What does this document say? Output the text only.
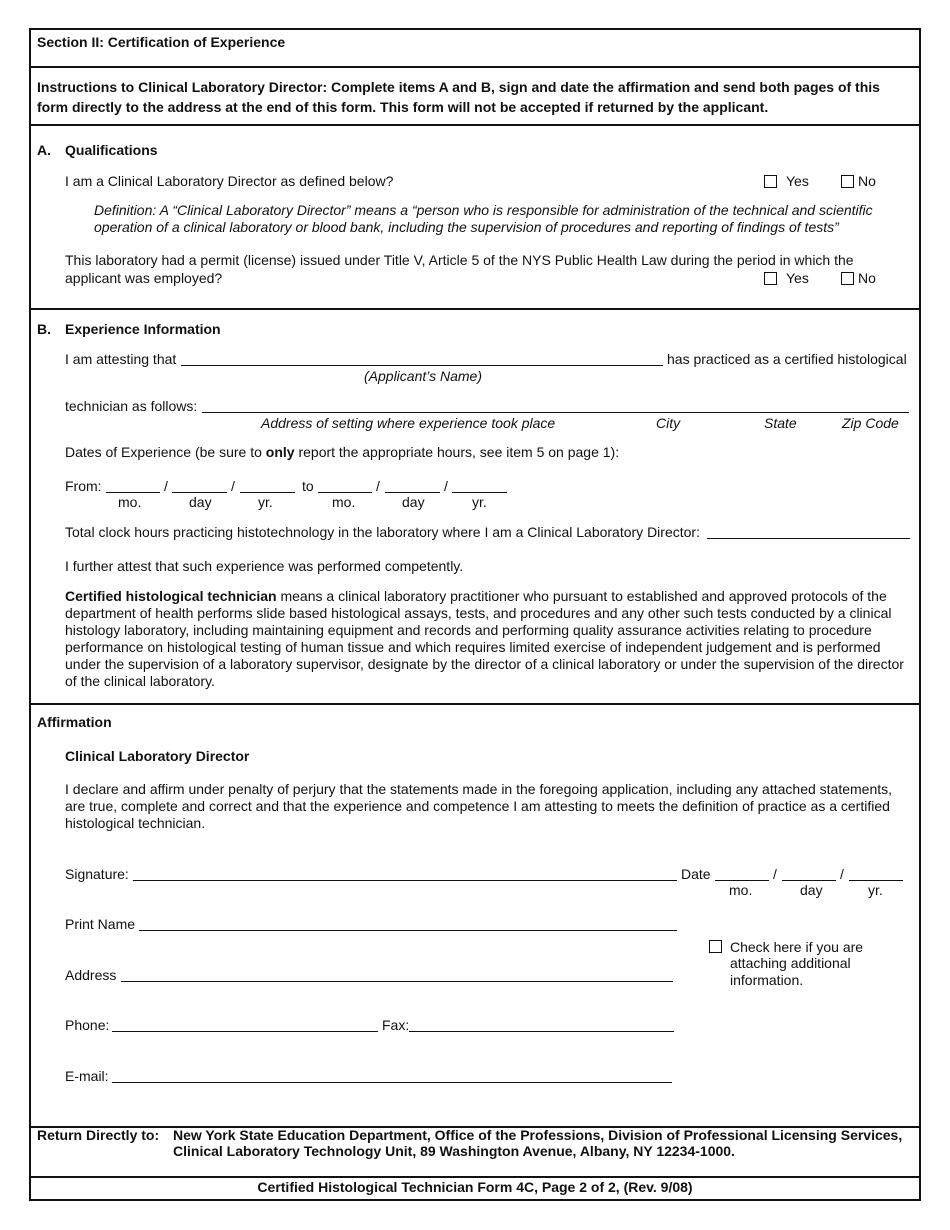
Section II: Certification of Experience
Instructions to Clinical Laboratory Director: Complete items A and B, sign and date the affirmation and send both pages of this form directly to the address at the end of this form. This form will not be accepted if returned by the applicant.
A. Qualifications
I am a Clinical Laboratory Director as defined below?	Yes	No
Definition: A “Clinical Laboratory Director” means a “person who is responsible for administration of the technical and scientific operation of a clinical laboratory or blood bank, including the supervision of procedures and reporting of findings of tests”
This laboratory had a permit (license) issued under Title V, Article 5 of the NYS Public Health Law during the period in which the
applicant was employed?	Yes	No
B. Experience Information
I am attesting that	has practiced as a certified histological
(Applicant’s Name)
technician as follows:
Address of setting where experience took place	City	State	Zip Code
Dates of Experience (be sure to only report the appropriate hours, see item 5 on page 1):
From:	/	/	to	/	/
mo.	day	yr.	mo.	day	yr.
Total clock hours practicing histotechnology in the laboratory where I am a Clinical Laboratory Director:
I further attest that such experience was performed competently.
Certified histological technician means a clinical laboratory practitioner who pursuant to established and approved protocols of the department of health performs slide based histological assays, tests, and procedures and any other such tests conducted by a clinical histology laboratory, including maintaining equipment and records and performing quality assurance activities relating to procedure performance on histological testing of human tissue and which requires limited exercise of independent judgement and is performed under the supervision of a laboratory supervisor, designate by the director of a clinical laboratory or under the supervision of the director of the clinical laboratory.
Affirmation
Clinical Laboratory Director
I declare and affirm under penalty of perjury that the statements made in the foregoing application, including any attached statements, are true, complete and correct and that the experience and competence I am attesting to meets the definition of practice as a certified histological technician.
Signature:	Date	/	/
mo.	day	yr.
Print Name
Check here if you are
attaching additional
information.
Address
Phone:	Fax:
E-mail:
Return Directly to: New York State Education Department, Office of the Professions, Division of Professional Licensing Services,
Clinical Laboratory Technology Unit, 89 Washington Avenue, Albany, NY 12234-1000.
Certified Histological Technician Form 4C, Page 2 of 2, (Rev. 9/08)
